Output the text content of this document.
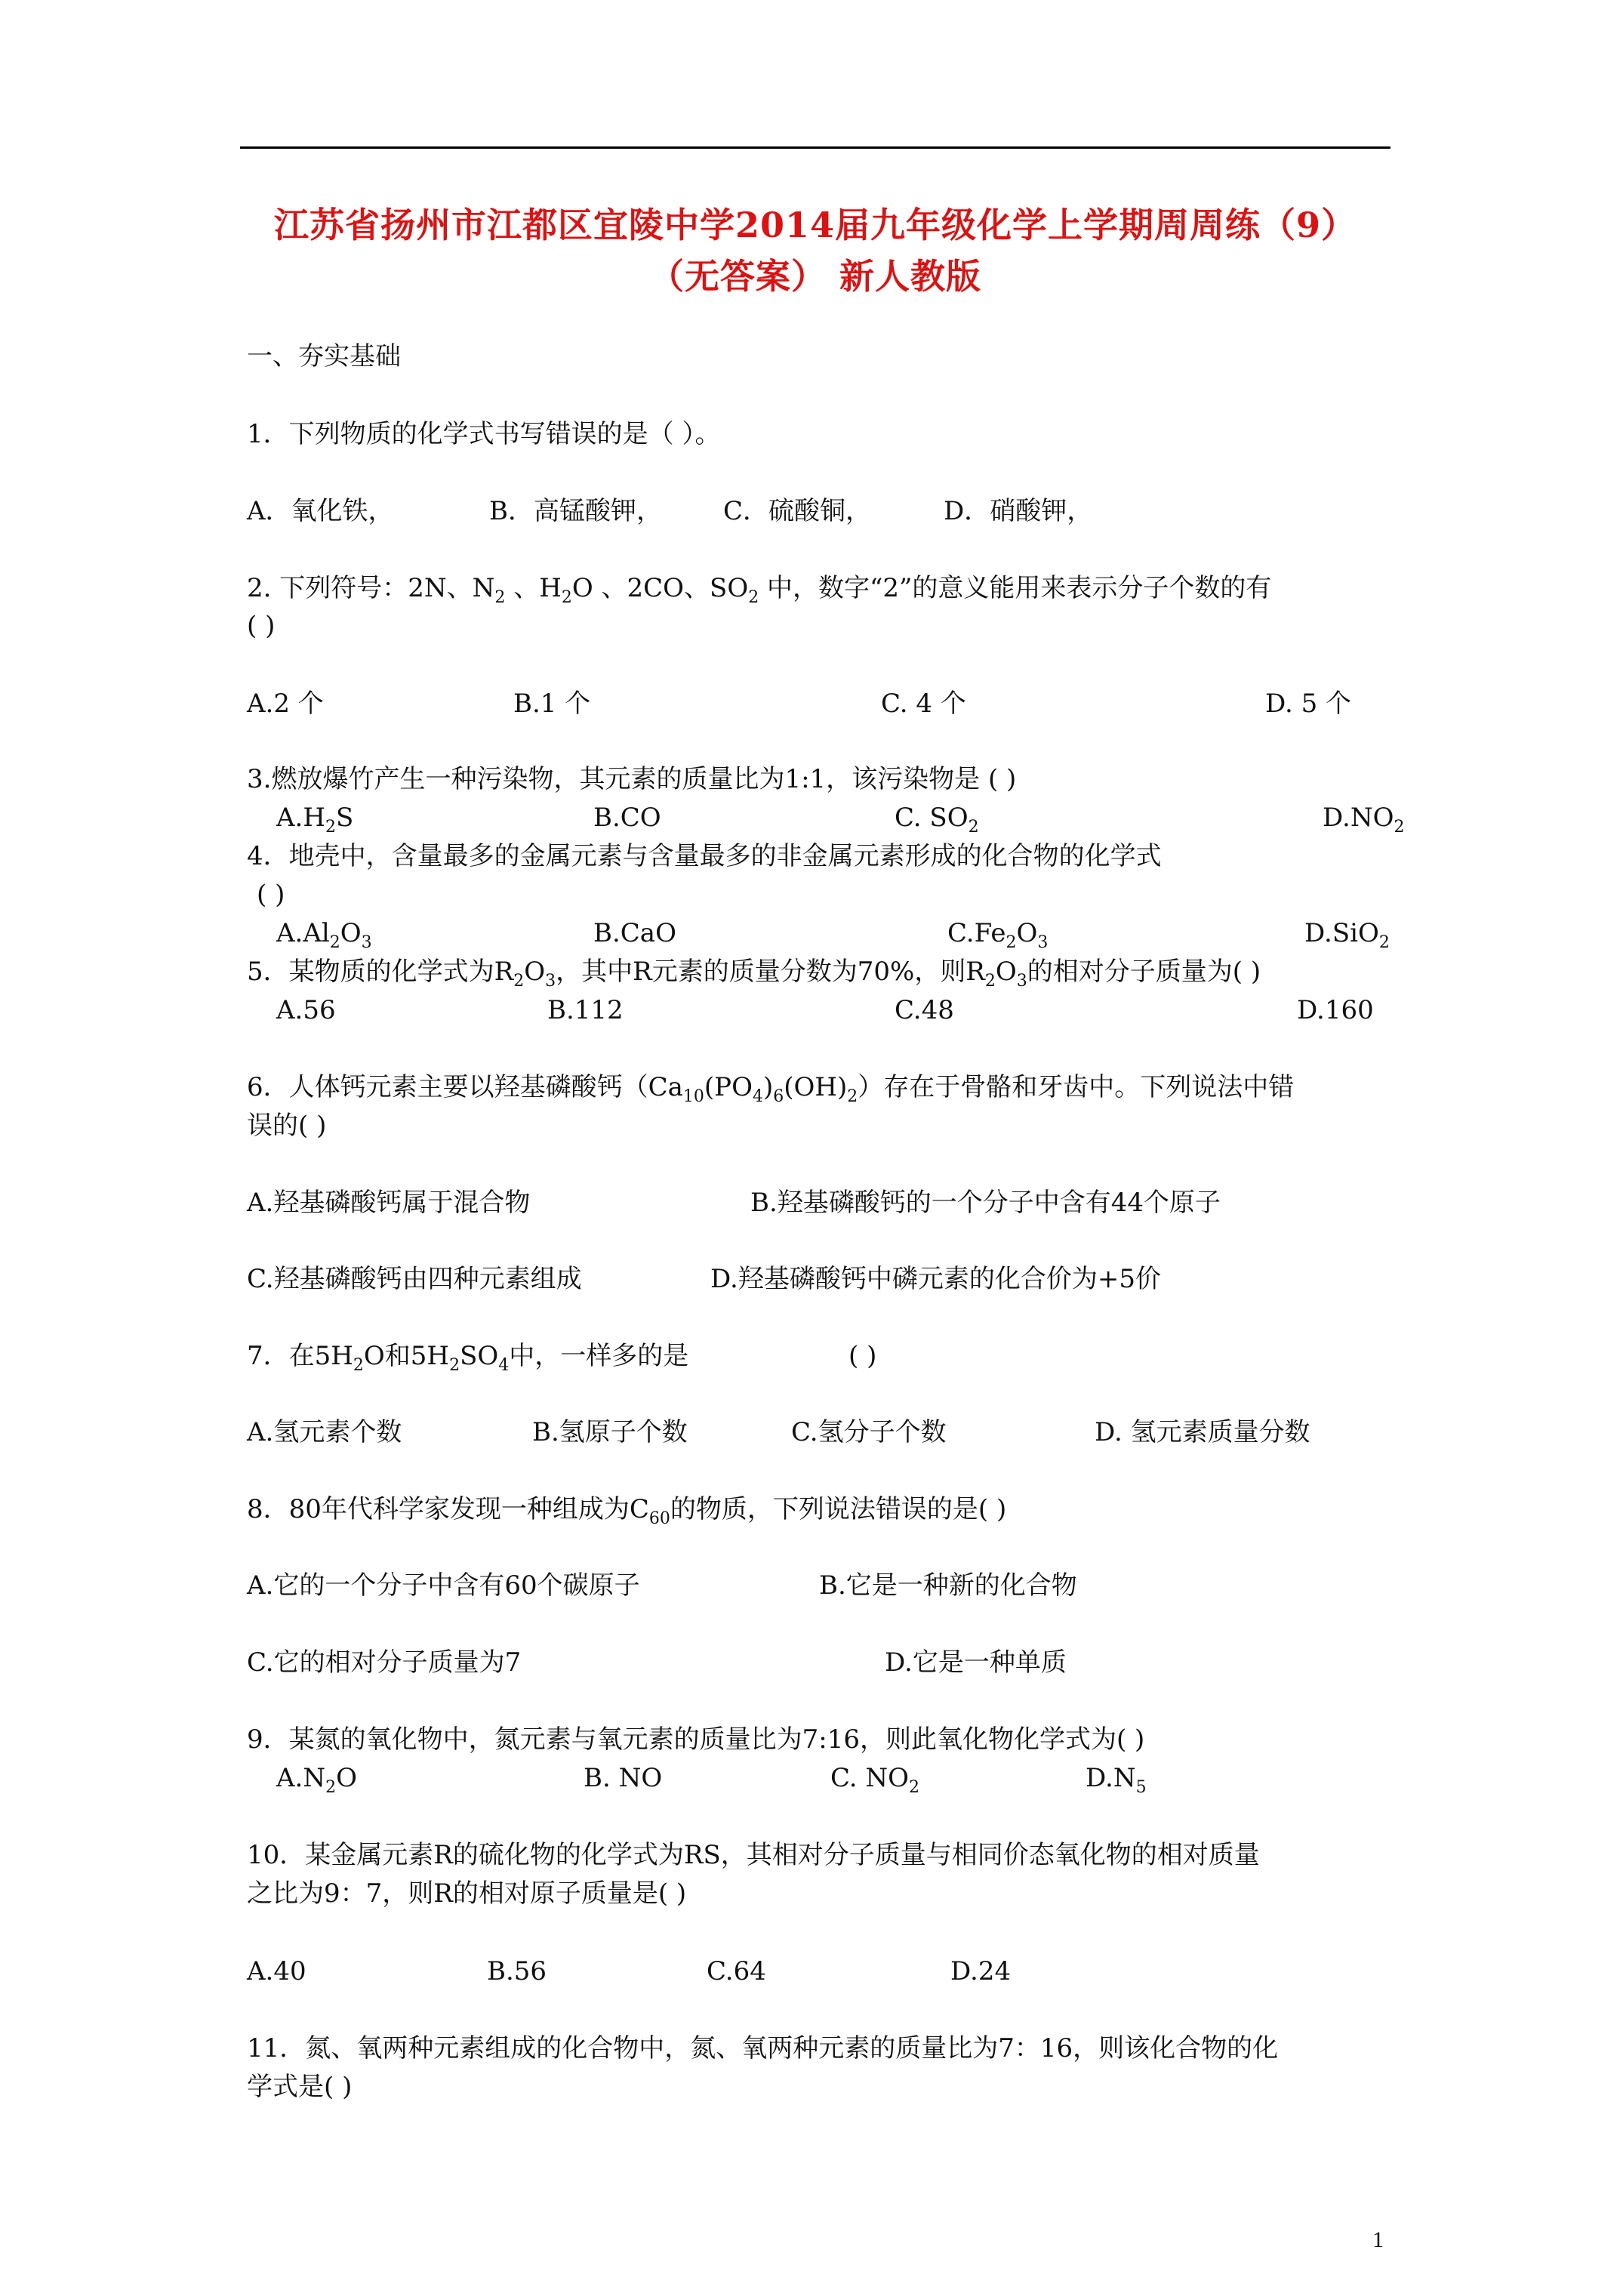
江苏省扬州市江都区宜陵中学2014届九年级化学上学期周周练（9）
（无答案） 新人教版
一、夯实基础
1．下列物质的化学式书写错误的是（ ）。
A．氧化铁，	B．高锰酸钾， C．硫酸铜，	D．硝酸钾，
2. 下列符号：2N、$N_2$ 、$H_2O$ 、2CO、$SO_2$ 中，数字“2”的意义能用来表示分子个数的有
( )
A.2 个	B.1 个	C. 4 个	D. 5 个
3.燃放爆竹产生一种污染物，其元素的质量比为1:1，该污染物是 ( )
$A.H_2S$	B.CO	C. $SO_2$	$D.NO_2$
4．地壳中，含量最多的金属元素与含量最多的非金属元素形成的化合物的化学式
( )
$A.Al_2O_3$	B.CaO	$C.Fe_2O_3$	D.SiO$_2$
5．某物质的化学式为$R_2O_3$，其中R元素的质量分数为70%，则$R_2O_3$的相对分子质量为( )
A.56	B.112	C.48	D.160
6．人体钙元素主要以羟基磷酸钙$(Ca_{10}(PO_4)_6(OH)_2)$存在于骨骼和牙齿中。下列说法中错
误的( )
A.羟基磷酸钙属于混合物	B.羟基磷酸钙的一个分子中含有44个原子
C.羟基磷酸钙由四种元素组成	D.羟基磷酸钙中磷元素的化合价为+5价
7．在$5H_2O$和$5H_2SO_4$中，一样多的是	( )
A.氢元素个数	B.氢原子个数	C.氢分子个数	D. 氢元素质量分数
8．80年代科学家发现一种组成为$C_{60}$的物质，下列说法错误的是( )
A.它的一个分子中含有60个碳原子	B.它是一种新的化合物
C.它的相对分子质量为7	D.它是一种单质
9．某氮的氧化物中，氮元素与氧元素的质量比为7:16，则此氧化物化学式为( )
$A.N_2O$	B. NO	C. $NO_2$	$D.N_5$
10．某金属元素R的硫化物的化学式为RS，其相对分子质量与相同价态氧化物的相对质量
之比为9：7，则R的相对原子质量是( )
A.40	B.56	C.64	D.24
11．氮、氧两种元素组成的化合物中，氮、氧两种元素的质量比为7：16，则该化合物的化
学式是( )
1
